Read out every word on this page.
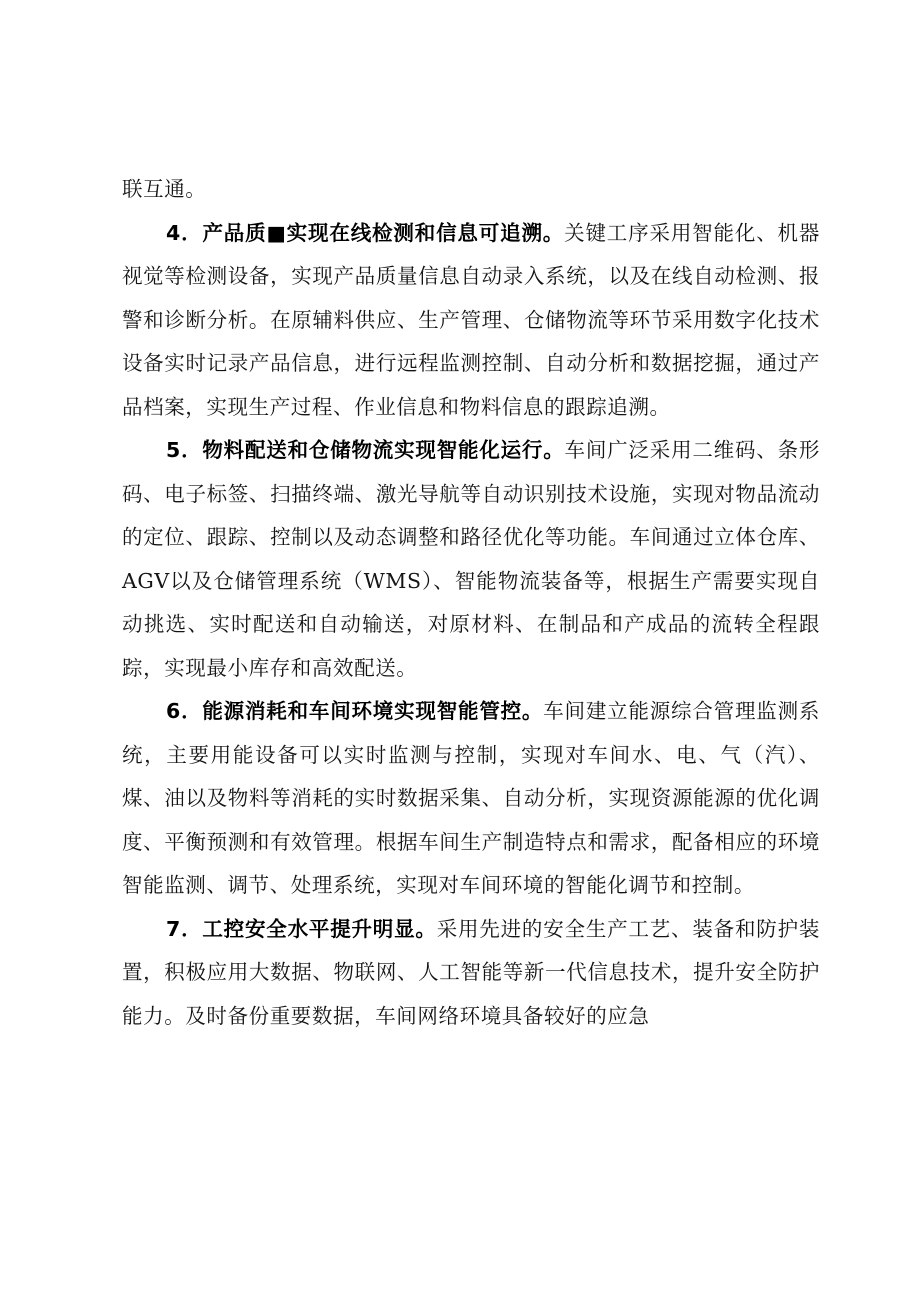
联互通。

4．产品质■实现在线检测和信息可追溯。关键工序采用智能化、机器视觉等检测设备，实现产品质量信息自动录入系统，以及在线自动检测、报警和诊断分析。在原辅料供应、生产管理、仓储物流等环节采用数字化技术设备实时记录产品信息，进行远程监测控制、自动分析和数据挖掘，通过产品档案，实现生产过程、作业信息和物料信息的跟踪追溯。

5．物料配送和仓储物流实现智能化运行。车间广泛采用二维码、条形码、电子标签、扫描终端、激光导航等自动识别技术设施，实现对物品流动的定位、跟踪、控制以及动态调整和路径优化等功能。车间通过立体仓库、AGV以及仓储管理系统（WMS）、智能物流装备等，根据生产需要实现自动挑选、实时配送和自动输送，对原材料、在制品和产成品的流转全程跟踪，实现最小库存和高效配送。

6．能源消耗和车间环境实现智能管控。车间建立能源综合管理监测系统，主要用能设备可以实时监测与控制，实现对车间水、电、气（汽）、煤、油以及物料等消耗的实时数据采集、自动分析，实现资源能源的优化调度、平衡预测和有效管理。根据车间生产制造特点和需求，配备相应的环境智能监测、调节、处理系统，实现对车间环境的智能化调节和控制。

7．工控安全水平提升明显。采用先进的安全生产工艺、装备和防护装置，积极应用大数据、物联网、人工智能等新一代信息技术，提升安全防护能力。及时备份重要数据，车间网络环境具备较好的应急
